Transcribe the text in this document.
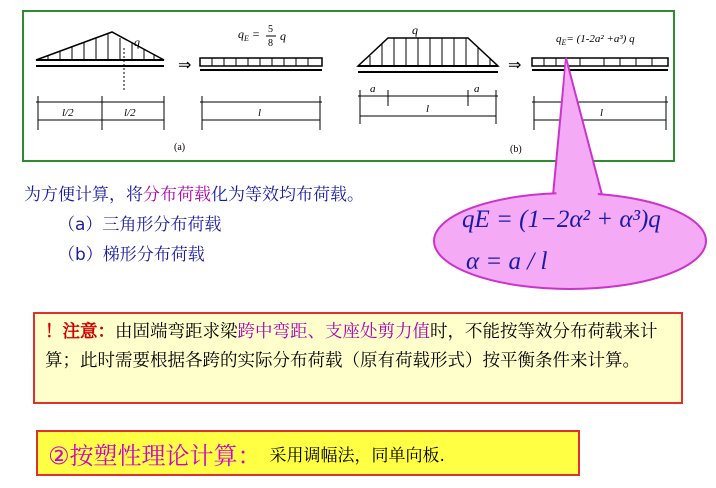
q
l/2	l/2
⇒
$q_E = 5$
8
q
l
(a)
q
a	a
l
⇒
$q_E= (1-2a^2 +a^3)$ q
l
(b)
为方便计算，将分布荷载化为等效均布荷载。
（a）三角形分布荷载
（b）梯形分布荷载
qE = (1−2α² + α³)q
α = a / l
！注意：由固端弯距求梁跨中弯距、支座处剪力值时，不能按等效分布荷载来计算；此时需要根据各跨的实际分布荷载（原有荷载形式）按平衡条件来计算。
②按塑性理论计算： 采用调幅法，同单向板.
